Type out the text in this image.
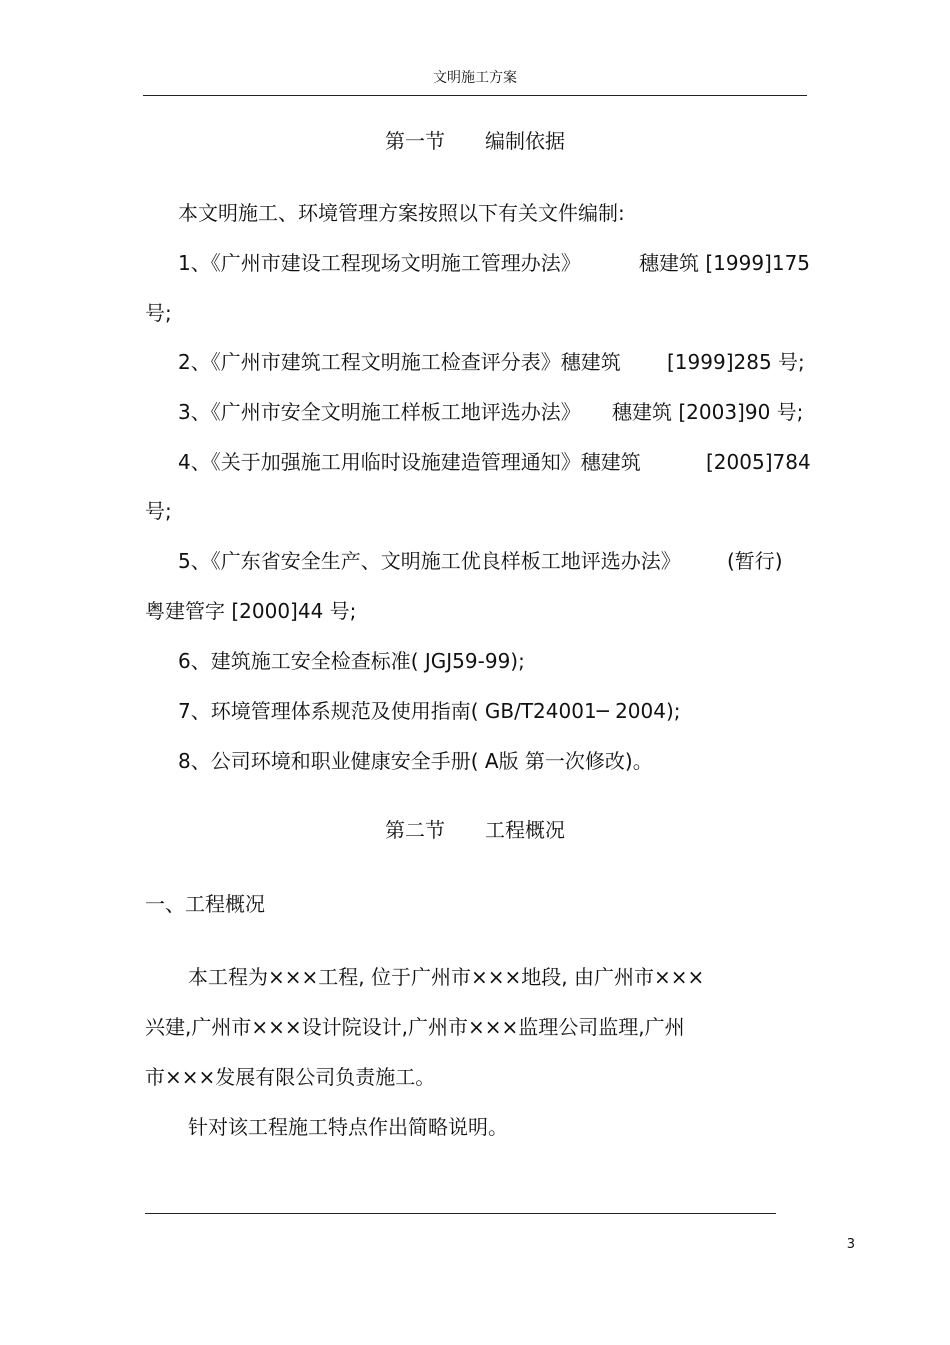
文明施工方案
第一节 编制依据
本文明施工、环境管理方案按照以下有关文件编制:
1、《广州市建设工程现场文明施工管理办法》	穗建筑 [1999]175
号;
2、《广州市建筑工程文明施工检查评分表》穗建筑 [1999]285 号;
3、《广州市安全文明施工样板工地评选办法》 穗建筑 [2003]90 号;
4、《关于加强施工用临时设施建造管理通知》穗建筑	[2005]784
号;
5、《广东省安全生产、文明施工优良样板工地评选办法》 (暂行)
粤建管字 [2000]44 号;
6、建筑施工安全检查标准( JGJ59-99);
7、环境管理体系规范及使用指南( GB/T24001─ 2004);
8、公司环境和职业健康安全手册( A版 第一次修改)。
第二节 工程概况
一、工程概况
本工程为×××工程, 位于广州市×××地段, 由广州市×××
兴建,广州市×××设计院设计,广州市×××监理公司监理,广州
市×××发展有限公司负责施工。
针对该工程施工特点作出简略说明。
3
